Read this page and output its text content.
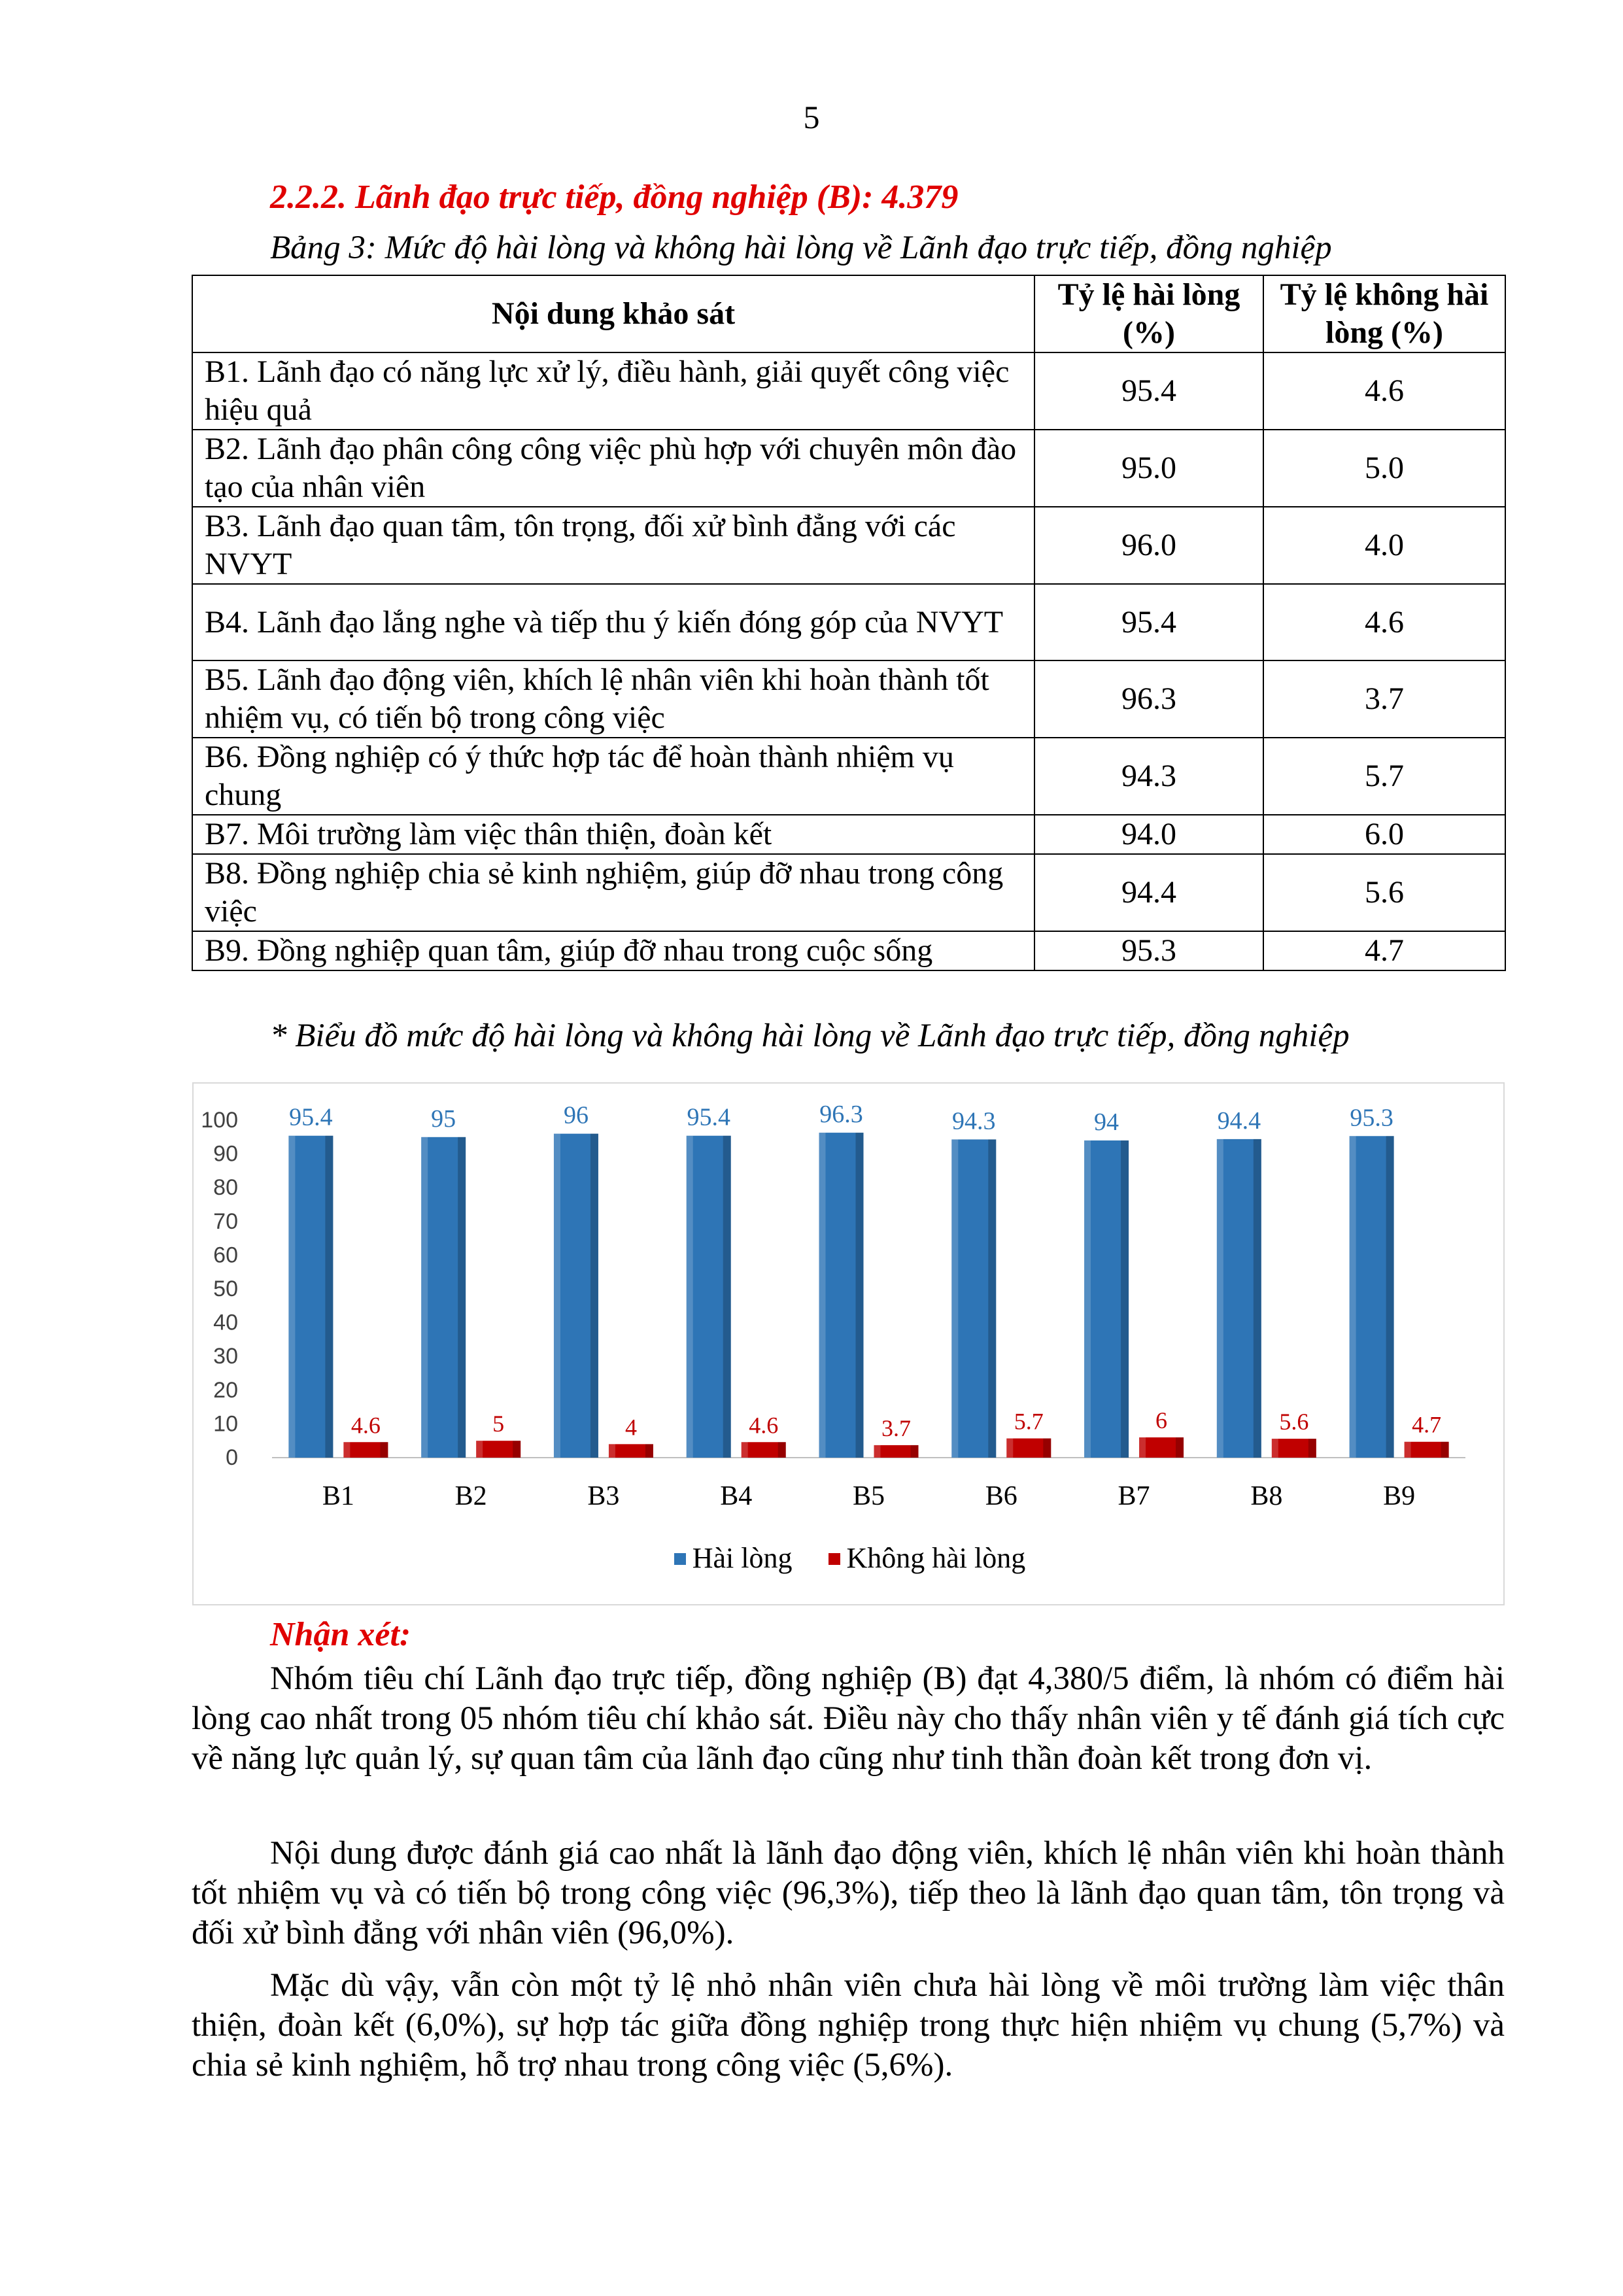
5
2.2.2. Lãnh đạo trực tiếp, đồng nghiệp (B): 4.379
Bảng 3: Mức độ hài lòng và không hài lòng về Lãnh đạo trực tiếp, đồng nghiệp
Nội dung khảo sát	Tỷ lệ hài lòng (%)	Tỷ lệ không hài lòng (%)
B1. Lãnh đạo có năng lực xử lý, điều hành, giải quyết công việc hiệu quả	95.4	4.6
B2. Lãnh đạo phân công công việc phù hợp với chuyên môn đào tạo của nhân viên	95.0	5.0
B3. Lãnh đạo quan tâm, tôn trọng, đối xử bình đẳng với các NVYT	96.0	4.0
B4. Lãnh đạo lắng nghe và tiếp thu ý kiến đóng góp của NVYT	95.4	4.6
B5. Lãnh đạo động viên, khích lệ nhân viên khi hoàn thành tốt nhiệm vụ, có tiến bộ trong công việc	96.3	3.7
B6. Đồng nghiệp có ý thức hợp tác để hoàn thành nhiệm vụ chung	94.3	5.7
B7. Môi trường làm việc thân thiện, đoàn kết	94.0	6.0
B8. Đồng nghiệp chia sẻ kinh nghiệm, giúp đỡ nhau trong công việc	94.4	5.6
B9. Đồng nghiệp quan tâm, giúp đỡ nhau trong cuộc sống	95.3	4.7
* Biểu đồ mức độ hài lòng và không hài lòng về Lãnh đạo trực tiếp, đồng nghiệp
0
10
20
30
40
50
60
70
80
90
100 95.4
4.6
B1
95
5
B2
96
4
B3
95.4
4.6
B4
96.3
3.7
B5
94.3
5.7
B6
94
6
B7
94.4
5.6
B8
95.3
4.7
B9
Hài lòng Không hài lòng
Nhận xét:
Nhóm tiêu chí Lãnh đạo trực tiếp, đồng nghiệp (B) đạt 4,380/5 điểm, là nhóm có điểm hài lòng cao nhất trong 05 nhóm tiêu chí khảo sát. Điều này cho thấy nhân viên y tế đánh giá tích cực về năng lực quản lý, sự quan tâm của lãnh đạo cũng như tinh thần đoàn kết trong đơn vị.
Nội dung được đánh giá cao nhất là lãnh đạo động viên, khích lệ nhân viên khi hoàn thành tốt nhiệm vụ và có tiến bộ trong công việc (96,3%), tiếp theo là lãnh đạo quan tâm, tôn trọng và đối xử bình đẳng với nhân viên (96,0%).
Mặc dù vậy, vẫn còn một tỷ lệ nhỏ nhân viên chưa hài lòng về môi trường làm việc thân thiện, đoàn kết (6,0%), sự hợp tác giữa đồng nghiệp trong thực hiện nhiệm vụ chung (5,7%) và chia sẻ kinh nghiệm, hỗ trợ nhau trong công việc (5,6%).
